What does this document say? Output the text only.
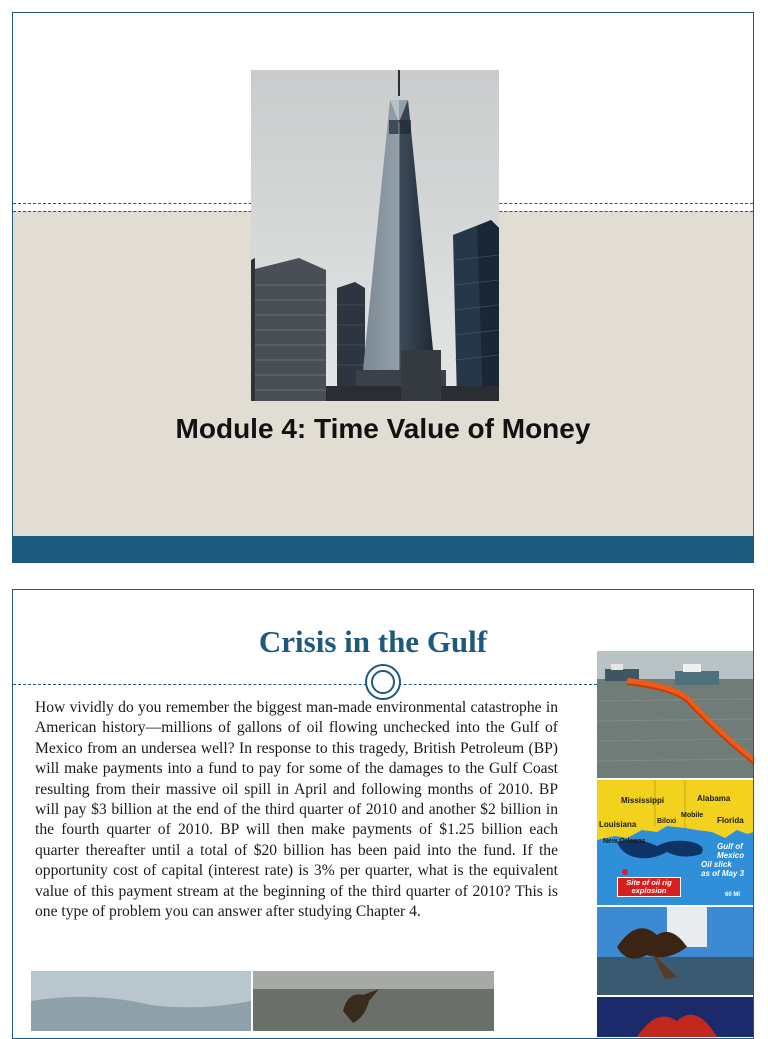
Module 4: Time Value of Money
Crisis in the Gulf

How vividly do you remember the biggest man-made environmental catastrophe in American history—millions of gallons of oil flowing unchecked into the Gulf of Mexico from an undersea well? In response to this tragedy, British Petroleum (BP) will make payments into a fund to pay for some of the damages to the Gulf Coast resulting from their massive oil spill in April and following months of 2010. BP will pay $3 billion at the end of the third quarter of 2010 and another $2 billion in the fourth quarter of 2010. BP will then make payments of $1.25 billion each quarter thereafter until a total of $20 billion has been paid into the fund. If the opportunity cost of capital (interest rate) is 3% per quarter, what is the equivalent value of this payment stream at the beginning of the third quarter of 2010? This is one type of problem you can answer after studying Chapter 4.

Mississippi	Alabama
Louisiana	Biloxi
Mobile
Florida
New Orleans
Gulf of
Mexico
Oil slick
as of May 3
Site of oil rig
explosion	60 MI
